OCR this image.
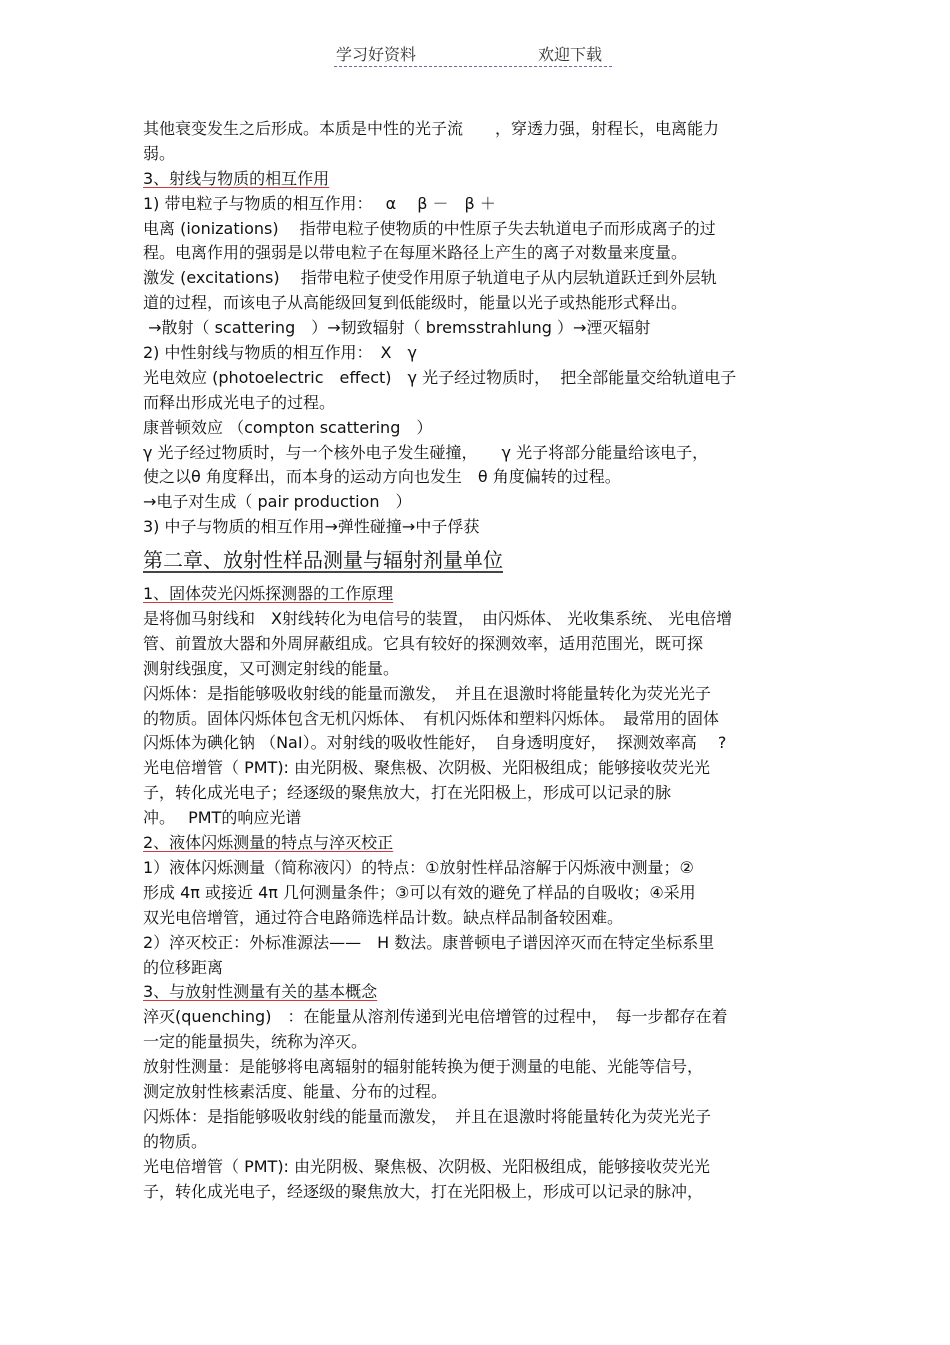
学习好资料	欢迎下载
其他衰变发生之后形成。本质是中性的光子流　　，穿透力强，射程长，电离能力
弱。
3、射线与物质的相互作用
1) 带电粒子与物质的相互作用：　 α　 β －　β ＋
电离 (ionizations)　 指带电粒子使物质的中性原子失去轨道电子而形成离子的过
程。电离作用的强弱是以带电粒子在每厘米路径上产生的离子对数量来度量。
激发 (excitations)　 指带电粒子使受作用原子轨道电子从内层轨道跃迁到外层轨
道的过程，而该电子从高能级回复到低能级时，能量以光子或热能形式释出。
→散射（ scattering　）→韧致辐射（ bremsstrahlung ）→湮灭辐射
2) 中性射线与物质的相互作用：　X　γ
光电效应 (photoelectric　effect)　γ 光子经过物质时，  把全部能量交给轨道电子
而释出形成光电子的过程。
康普顿效应 （compton scattering　）
γ 光子经过物质时，与一个核外电子发生碰撞，　　γ 光子将部分能量给该电子，
使之以θ 角度释出，而本身的运动方向也发生　θ 角度偏转的过程。
→电子对生成（ pair production　）
3) 中子与物质的相互作用→弹性碰撞→中子俘获
第二章、放射性样品测量与辐射剂量单位
1、固体荧光闪烁探测器的工作原理
是将伽马射线和　X射线转化为电信号的装置，　由闪烁体、 光收集系统、 光电倍增
管、前置放大器和外周屏蔽组成。它具有较好的探测效率，适用范围光，既可探
测射线强度，又可测定射线的能量。
闪烁体：是指能够吸收射线的能量而激发，　并且在退激时将能量转化为荧光光子
的物质。固体闪烁体包含无机闪烁体、　有机闪烁体和塑料闪烁体。　最常用的固体
闪烁体为碘化钠 （NaI）。对射线的吸收性能好，　自身透明度好，  探测效率高　 ?
光电倍增管（ PMT): 由光阴极、聚焦极、次阴极、光阳极组成；能够接收荧光光
子，转化成光电子；经逐级的聚焦放大，打在光阳极上，形成可以记录的脉
冲。　 PMT的响应光谱
2、液体闪烁测量的特点与淬灭校正
1）液体闪烁测量（简称液闪）的特点：①放射性样品溶解于闪烁液中测量；②
形成 4π 或接近 4π 几何测量条件；③可以有效的避免了样品的自吸收；④采用
双光电倍增管，通过符合电路筛选样品计数。缺点样品制备较困难。
2）淬灭校正：外标准源法——　H 数法。康普顿电子谱因淬灭而在特定坐标系里
的位移距离
3、与放射性测量有关的基本概念
淬灭(quenching)　：在能量从溶剂传递到光电倍增管的过程中，　每一步都存在着
一定的能量损失，统称为淬灭。
放射性测量：是能够将电离辐射的辐射能转换为便于测量的电能、光能等信号，
测定放射性核素活度、能量、分布的过程。
闪烁体：是指能够吸收射线的能量而激发，　并且在退激时将能量转化为荧光光子
的物质。
光电倍增管（ PMT): 由光阴极、聚焦极、次阴极、光阳极组成，能够接收荧光光
子，转化成光电子，经逐级的聚焦放大，打在光阳极上，形成可以记录的脉冲，
